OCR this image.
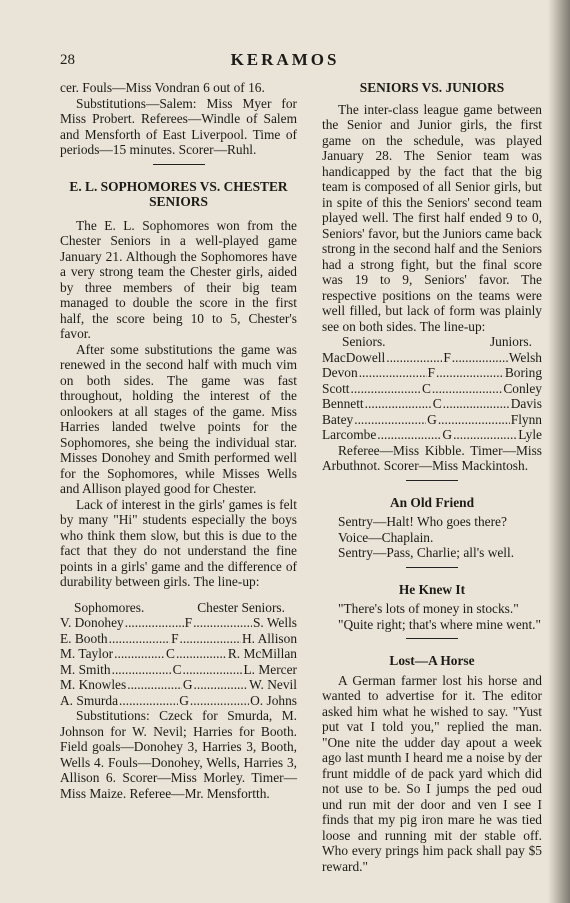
28	KERAMOS

cer. Fouls—Miss Vondran 6 out of 16.

Substitutions—Salem: Miss Myer for Miss Probert. Referees—Windle of Salem and Mensforth of East Liverpool. Time of periods—15 minutes. Scorer—Ruhl.

E. L. SOPHOMORES VS. CHESTER SENIORS

The E. L. Sophomores won from the Chester Seniors in a well-played game January 21. Although the Sophomores have a very strong team the Chester girls, aided by three members of their big team managed to double the score in the first half, the score being 10 to 5, Chester's favor.

After some substitutions the game was renewed in the second half with much vim on both sides. The game was fast throughout, holding the interest of the onlookers at all stages of the game. Miss Harries landed twelve points for the Sophomores, she being the individual star. Misses Donohey and Smith performed well for the Sophomores, while Misses Wells and Allison played good for Chester.

Lack of interest in the girls' games is felt by many "Hi" students especially the boys who think them slow, but this is due to the fact that they do not understand the fine points in a girls' game and the difference of durability between girls. The line-up:

Sophomores.	Chester Seniors.
V. Donohey .....	F .....	S. Wells
E. Booth .....	F .....	H. Allison
M. Taylor .....	C .....	R. McMillan
M. Smith .....	C .....	L. Mercer
M. Knowles .....	G .....	W. Nevil
A. Smurda .....	G .....	O. Johns

Substitutions: Czeck for Smurda, M. Johnson for W. Nevil; Harries for Booth. Field goals—Donohey 3, Harries 3, Booth, Wells 4. Fouls—Donohey, Wells, Harries 3, Allison 6. Scorer—Miss Morley. Timer—Miss Maize. Referee—Mr. Mensfortth.

SENIORS VS. JUNIORS

The inter-class league game between the Senior and Junior girls, the first game on the schedule, was played January 28. The Senior team was handicapped by the fact that the big team is composed of all Senior girls, but in spite of this the Seniors' second team played well. The first half ended 9 to 0, Seniors' favor, but the Juniors came back strong in the second half and the Seniors had a strong fight, but the final score was 19 to 9, Seniors' favor. The respective positions on the teams were well filled, but lack of form was plainly see on both sides. The line-up:

Seniors.	Juniors.
MacDowell .....	F .....	Welsh
Devon .....	F .....	Boring
Scott .....	C .....	Conley
Bennett .....	C .....	Davis
Batey .....	G .....	Flynn
Larcombe .....	G .....	Lyle

Referee—Miss Kibble. Timer—Miss Arbuthnot. Scorer—Miss Mackintosh.

An Old Friend

Sentry—Halt! Who goes there?

Voice—Chaplain.

Sentry—Pass, Charlie; all's well.

He Knew It

"There's lots of money in stocks."

"Quite right; that's where mine went."

Lost—A Horse

A German farmer lost his horse and wanted to advertise for it. The editor asked him what he wished to say. "Yust put vat I told you," replied the man. "One nite the udder day apout a week ago last munth I heard me a noise by der frunt middle of de pack yard which did not use to be. So I jumps the ped oud und run mit der door and ven I see I finds that my pig iron mare he was tied loose and running mit der stable off. Who every prings him pack shall pay $5 reward."
